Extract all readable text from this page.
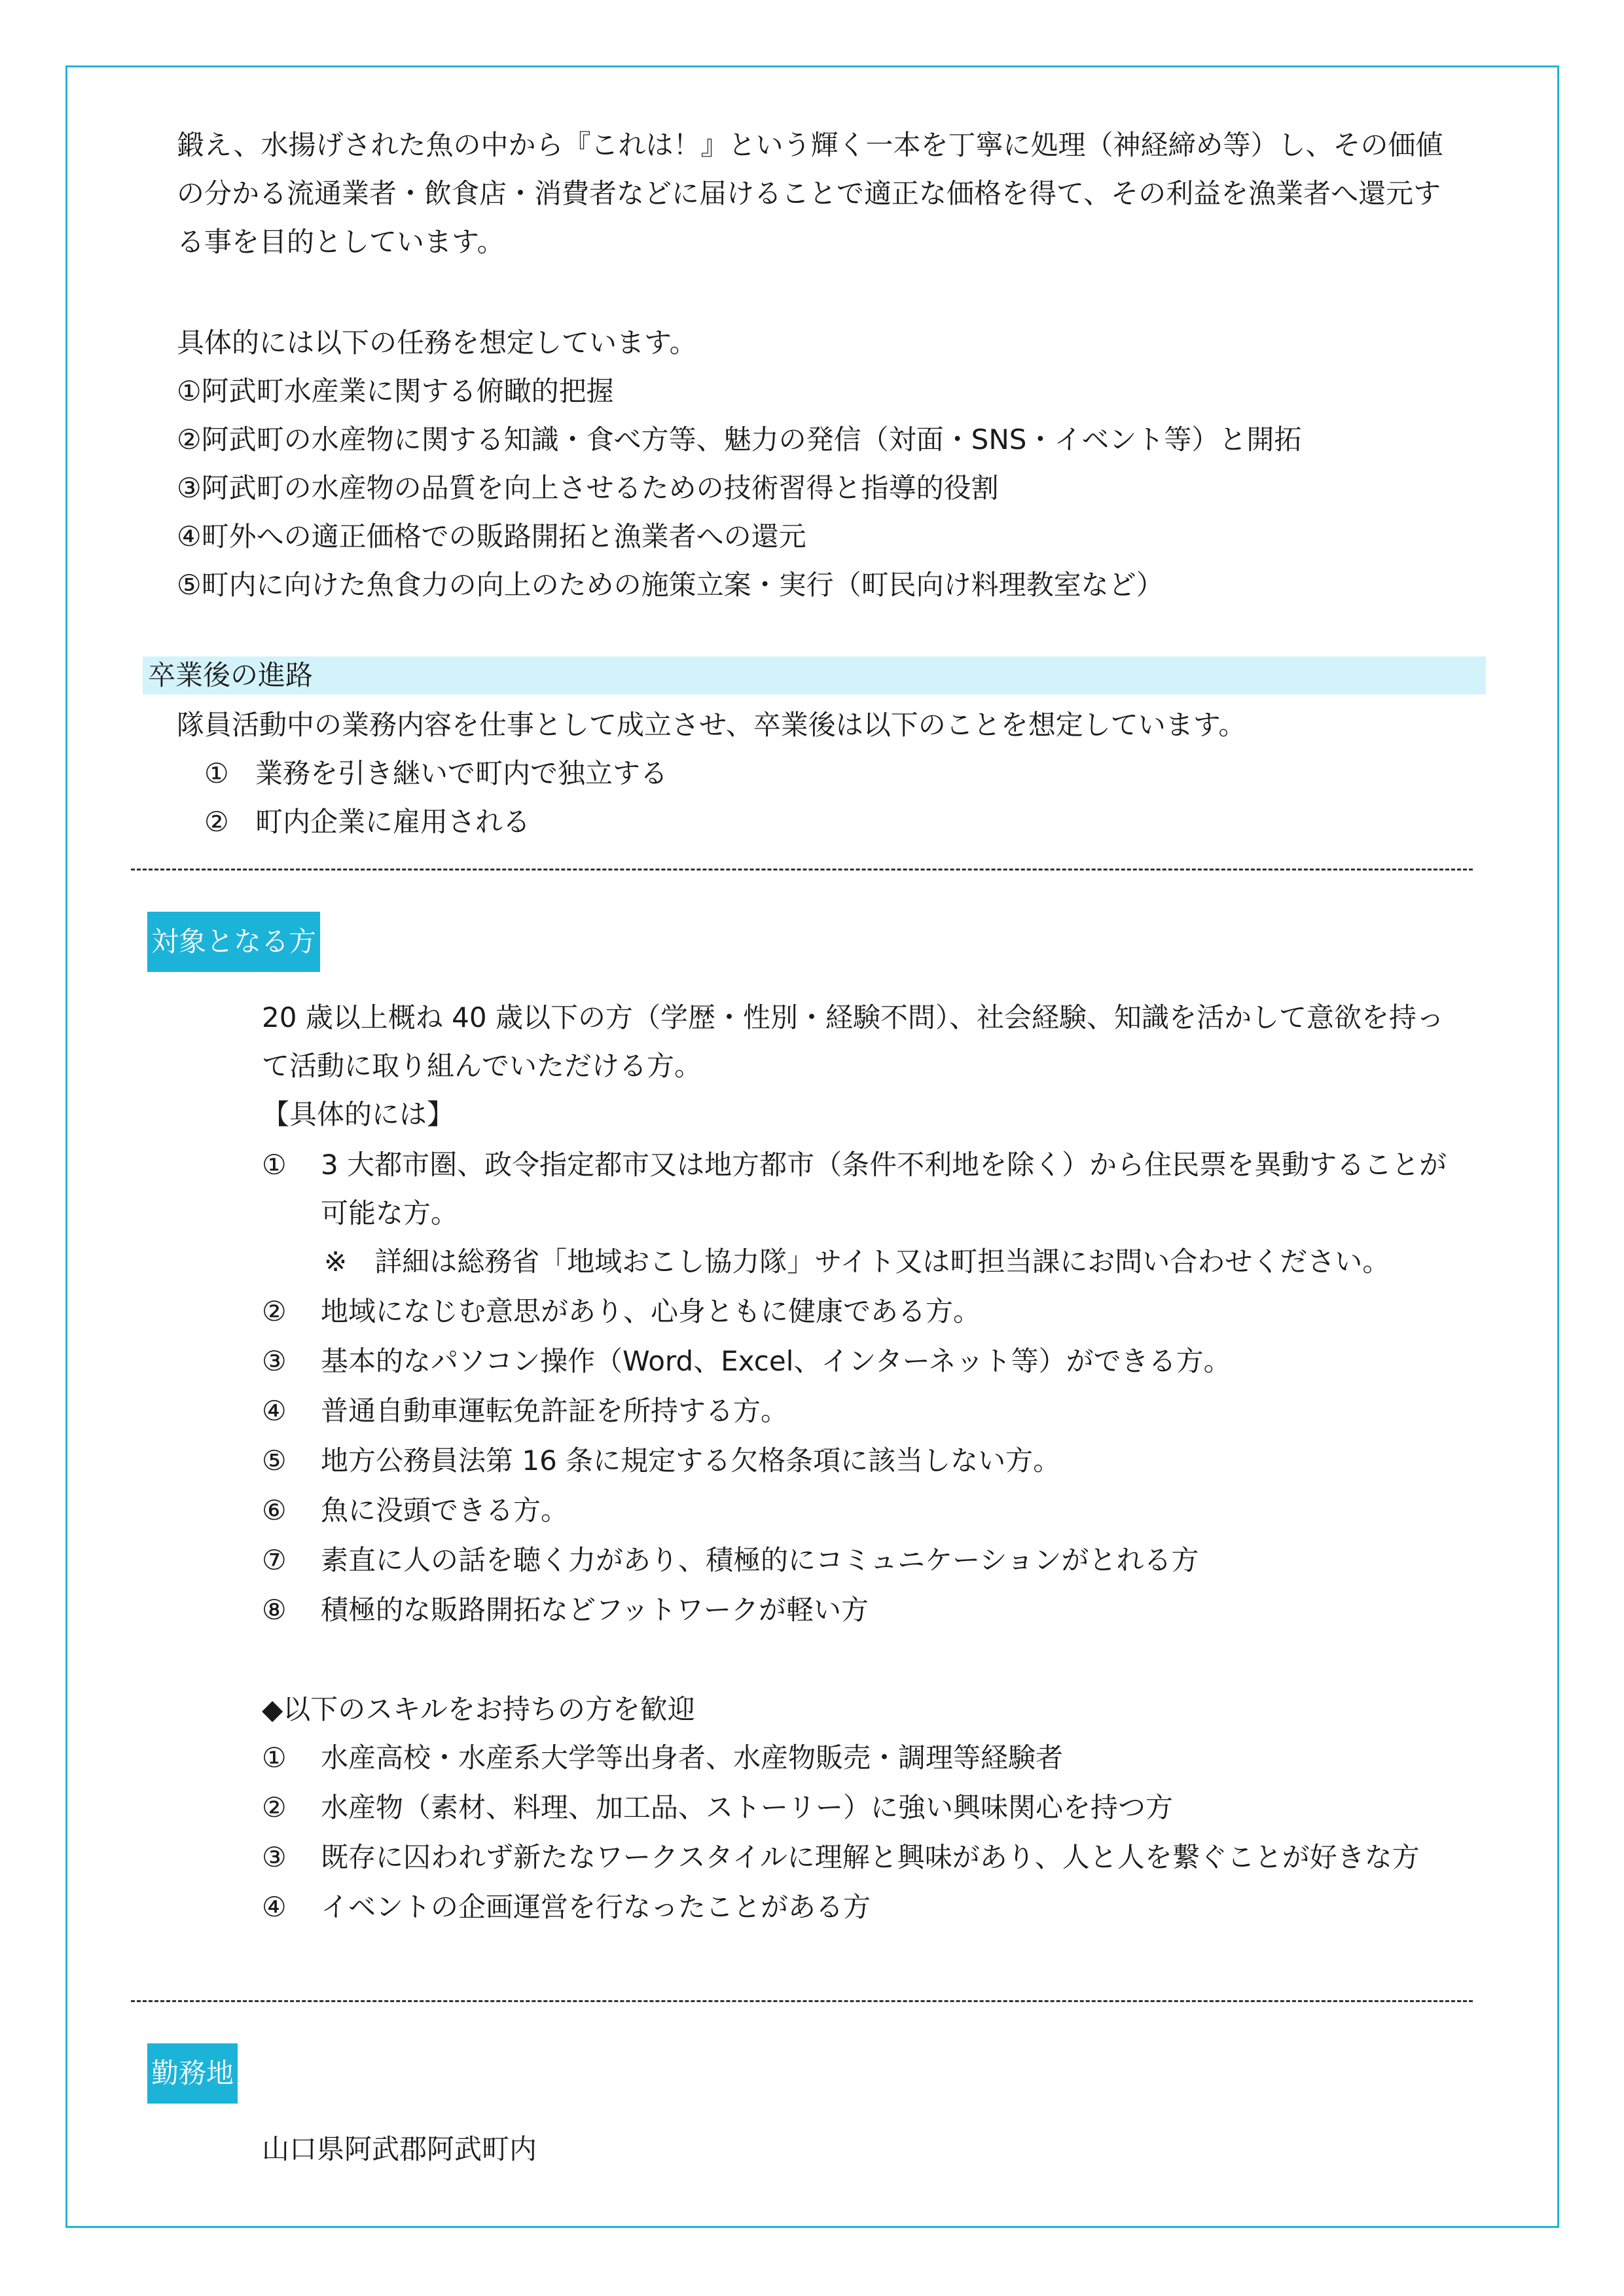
鍛え、水揚げされた魚の中から『これは！』という輝く一本を丁寧に処理（神経締め等）し、その価値
の分かる流通業者・飲食店・消費者などに届けることで適正な価格を得て、その利益を漁業者へ還元す
る事を目的としています。
具体的には以下の任務を想定しています。
①阿武町水産業に関する俯瞰的把握
②阿武町の水産物に関する知識・食べ方等、魅力の発信（対面・SNS・イベント等）と開拓
③阿武町の水産物の品質を向上させるための技術習得と指導的役割
④町外への適正価格での販路開拓と漁業者への還元
⑤町内に向けた魚食力の向上のための施策立案・実行（町民向け料理教室など）
卒業後の進路
隊員活動中の業務内容を仕事として成立させ、卒業後は以下のことを想定しています。
① 業務を引き継いで町内で独立する
② 町内企業に雇用される
対象となる方
20 歳以上概ね 40 歳以下の方（学歴・性別・経験不問）、社会経験、知識を活かして意欲を持っ
て活動に取り組んでいただける方。
【具体的には】
① 3 大都市圏、政令指定都市又は地方都市（条件不利地を除く）から住民票を異動することが
可能な方。
※　詳細は総務省「地域おこし協力隊」サイト又は町担当課にお問い合わせください。
② 地域になじむ意思があり、心身ともに健康である方。
③ 基本的なパソコン操作（Word、Excel、インターネット等）ができる方。
④ 普通自動車運転免許証を所持する方。
⑤ 地方公務員法第 16 条に規定する欠格条項に該当しない方。
⑥ 魚に没頭できる方。
⑦ 素直に人の話を聴く力があり、積極的にコミュニケーションがとれる方
⑧ 積極的な販路開拓などフットワークが軽い方
◆以下のスキルをお持ちの方を歓迎
① 水産高校・水産系大学等出身者、水産物販売・調理等経験者
② 水産物（素材、料理、加工品、ストーリー）に強い興味関心を持つ方
③ 既存に囚われず新たなワークスタイルに理解と興味があり、人と人を繋ぐことが好きな方
④ イベントの企画運営を行なったことがある方
勤務地
山口県阿武郡阿武町内
